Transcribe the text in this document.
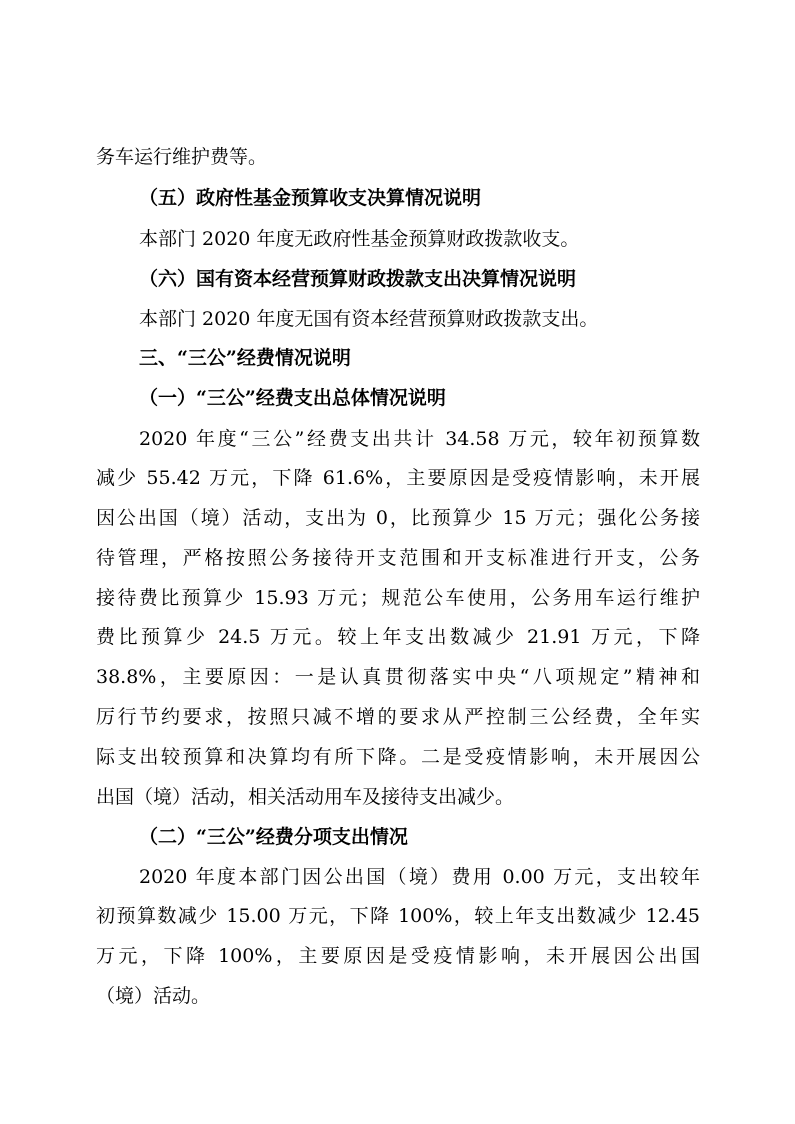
务车运行维护费等。
（五）政府性基金预算收支决算情况说明
本部门 2020 年度无政府性基金预算财政拨款收支。
（六）国有资本经营预算财政拨款支出决算情况说明
本部门 2020 年度无国有资本经营预算财政拨款支出。
三、“三公”经费情况说明
（一）“三公”经费支出总体情况说明
2020 年度“三公”经费支出共计 34.58 万元，较年初预算数
减少 55.42 万元，下降 61.6%，主要原因是受疫情影响，未开展
因公出国（境）活动，支出为 0，比预算少 15 万元；强化公务接
待管理，严格按照公务接待开支范围和开支标准进行开支，公务
接待费比预算少 15.93 万元；规范公车使用，公务用车运行维护
费比预算少 24.5 万元。较上年支出数减少 21.91 万元，下降
38.8%，主要原因：一是认真贯彻落实中央“八项规定”精神和
厉行节约要求，按照只减不增的要求从严控制三公经费，全年实
际支出较预算和决算均有所下降。二是受疫情影响，未开展因公
出国（境）活动，相关活动用车及接待支出减少。
（二）“三公”经费分项支出情况
2020 年度本部门因公出国（境）费用 0.00 万元，支出较年
初预算数减少 15.00 万元，下降 100%，较上年支出数减少 12.45
万元，下降 100%，主要原因是受疫情影响，未开展因公出国
（境）活动。
